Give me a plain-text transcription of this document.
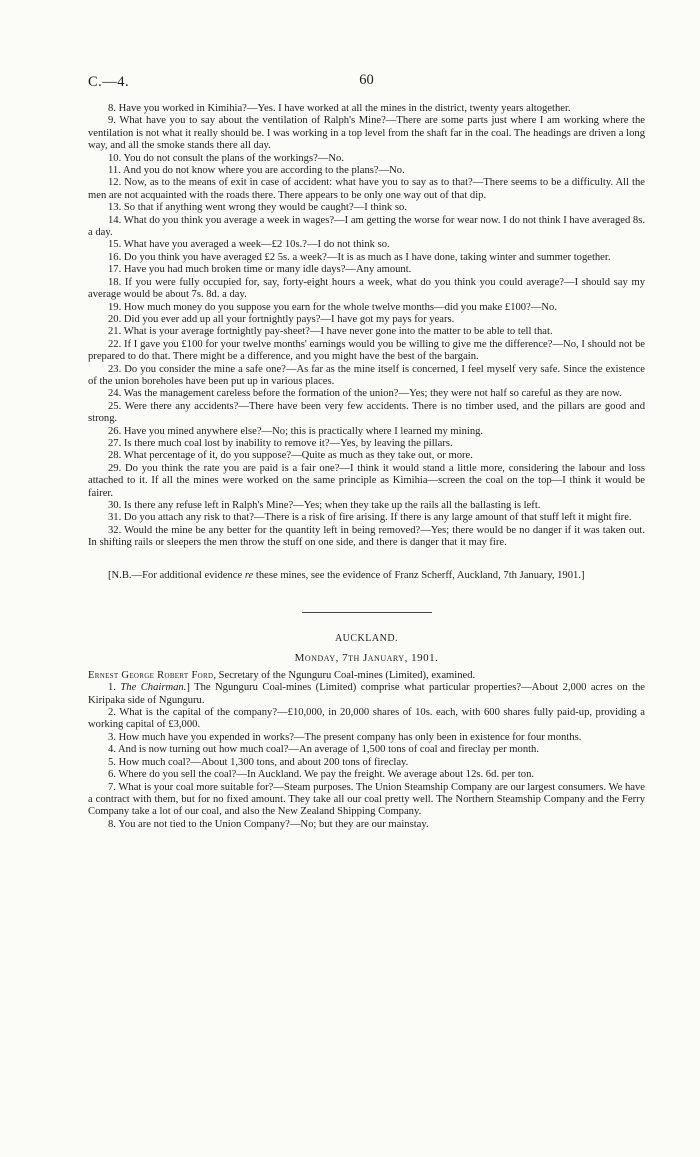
C.—4.	60

8. Have you worked in Kimihia?—Yes. I have worked at all the mines in the district, twenty years altogether.

9. What have you to say about the ventilation of Ralph's Mine?—There are some parts just where I am working where the ventilation is not what it really should be. I was working in a top level from the shaft far in the coal. The headings are driven a long way, and all the smoke stands there all day.

10. You do not consult the plans of the workings?—No.

11. And you do not know where you are according to the plans?—No.

12. Now, as to the means of exit in case of accident: what have you to say as to that?—There seems to be a difficulty. All the men are not acquainted with the roads there. There appears to be only one way out of that dip.

13. So that if anything went wrong they would be caught?—I think so.

14. What do you think you average a week in wages?—I am getting the worse for wear now. I do not think I have averaged 8s. a day.

15. What have you averaged a week—£2 10s.?—I do not think so.

16. Do you think you have averaged £2 5s. a week?—It is as much as I have done, taking winter and summer together.

17. Have you had much broken time or many idle days?—Any amount.

18. If you were fully occupied for, say, forty-eight hours a week, what do you think you could average?—I should say my average would be about 7s. 8d. a day.

19. How much money do you suppose you earn for the whole twelve months—did you make £100?—No.

20. Did you ever add up all your fortnightly pays?—I have got my pays for years.

21. What is your average fortnightly pay-sheet?—I have never gone into the matter to be able to tell that.

22. If I gave you £100 for your twelve months' earnings would you be willing to give me the difference?—No, I should not be prepared to do that. There might be a difference, and you might have the best of the bargain.

23. Do you consider the mine a safe one?—As far as the mine itself is concerned, I feel myself very safe. Since the existence of the union boreholes have been put up in various places.

24. Was the management careless before the formation of the union?—Yes; they were not half so careful as they are now.

25. Were there any accidents?—There have been very few accidents. There is no timber used, and the pillars are good and strong.

26. Have you mined anywhere else?—No; this is practically where I learned my mining.

27. Is there much coal lost by inability to remove it?—Yes, by leaving the pillars.

28. What percentage of it, do you suppose?—Quite as much as they take out, or more.

29. Do you think the rate you are paid is a fair one?—I think it would stand a little more, considering the labour and loss attached to it. If all the mines were worked on the same principle as Kimihia—screen the coal on the top—I think it would be fairer.

30. Is there any refuse left in Ralph's Mine?—Yes; when they take up the rails all the ballasting is left.

31. Do you attach any risk to that?—There is a risk of fire arising. If there is any large amount of that stuff left it might fire.

32. Would the mine be any better for the quantity left in being removed?—Yes; there would be no danger if it was taken out. In shifting rails or sleepers the men throw the stuff on one side, and there is danger that it may fire.

[N.B.—For additional evidence re these mines, see the evidence of Franz Scherff, Auckland, 7th January, 1901.]

AUCKLAND.

Monday, 7th January, 1901.

Ernest George Robert Ford, Secretary of the Ngunguru Coal-mines (Limited), examined.

1. The Chairman.] The Ngunguru Coal-mines (Limited) comprise what particular properties?—About 2,000 acres on the Kiripaka side of Ngunguru.

2. What is the capital of the company?—£10,000, in 20,000 shares of 10s. each, with 600 shares fully paid-up, providing a working capital of £3,000.

3. How much have you expended in works?—The present company has only been in existence for four months.

4. And is now turning out how much coal?—An average of 1,500 tons of coal and fireclay per month.

5. How much coal?—About 1,300 tons, and about 200 tons of fireclay.

6. Where do you sell the coal?—In Auckland. We pay the freight. We average about 12s. 6d. per ton.

7. What is your coal more suitable for?—Steam purposes. The Union Steamship Company are our largest consumers. We have a contract with them, but for no fixed amount. They take all our coal pretty well. The Northern Steamship Company and the Ferry Company take a lot of our coal, and also the New Zealand Shipping Company.

8. You are not tied to the Union Company?—No; but they are our mainstay.
